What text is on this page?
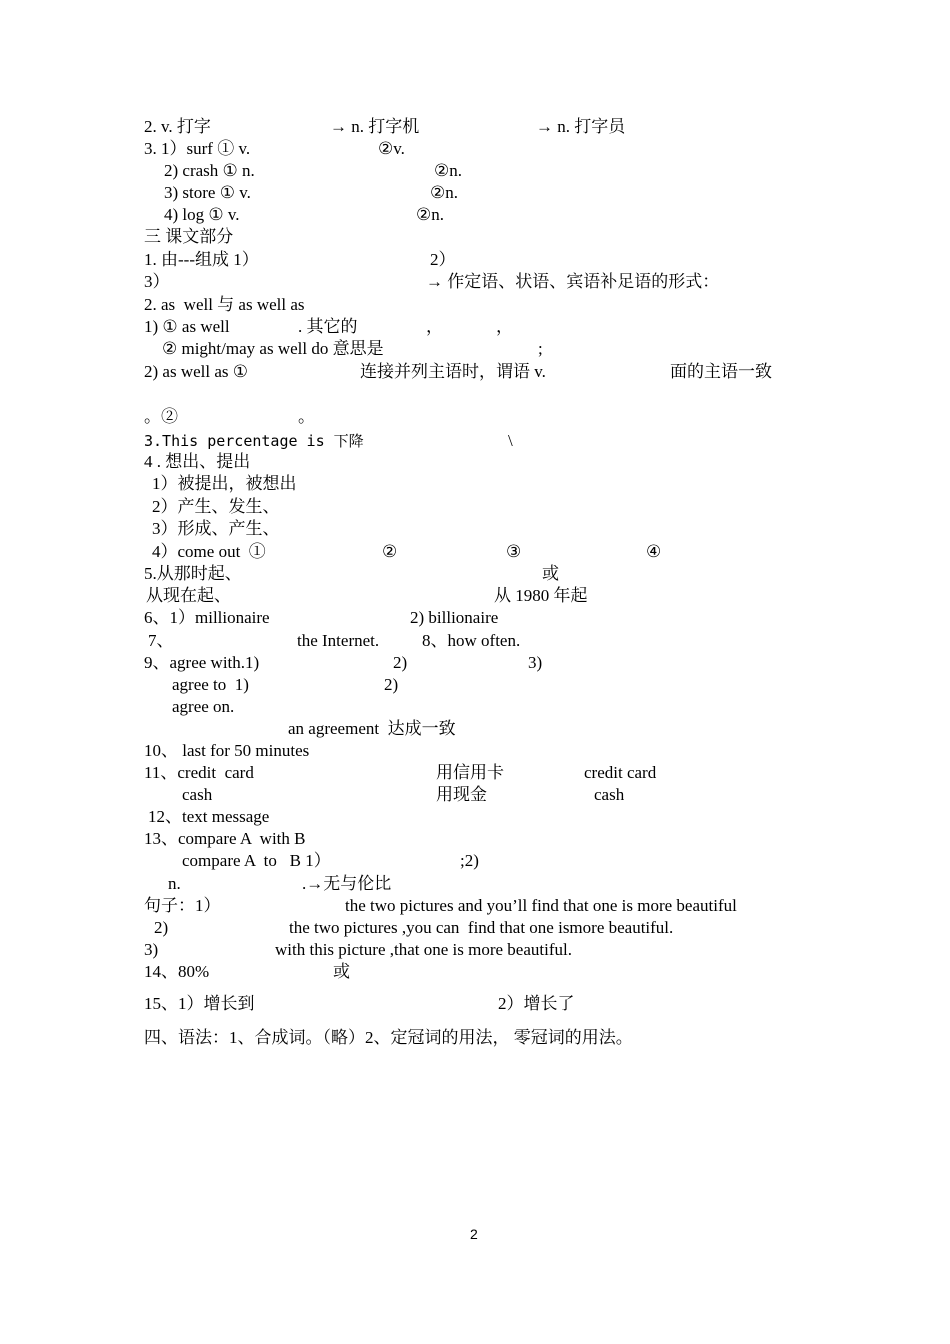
2. v. 打字	→ n. 打字机	→ n. 打字员
3. 1）surf ① v.	②v.
2) crash ① n.	②n.
3) store ① v.	②n.
4) log ① v.	②n.
三 课文部分
1. 由---组成 1）	2）
3）	→ 作定语、状语、宾语补足语的形式：
2. as  well 与 as well as
1) ① as well	. 其它的	，	，
② might/may as well do 意思是	;
2) as well as ①	连接并列主语时，谓语 v.	面的主语一致
。②	。
3.This percentage is 下降	\
4 . 想出、提出
1）被提出，被想出
2）产生、发生、
3）形成、产生、
4）come out  ①	②	③	④
5.从那时起、	或
从现在起、	从 1980 年起
6、1）millionaire	2) billionaire
7、	the Internet.	8、how often.
9、agree with.1)	2)	3)
agree to  1)	2)
agree on.
an agreement  达成一致
10、 last for 50 minutes
11、credit  card	用信用卡	credit card
cash	用现金	cash
12、text message
13、compare A  with B
compare A  to   B 1）	;2)
n.	.→无与伦比
句子：1）	the two pictures and you’ll find that one is more beautiful
2)	the two pictures ,you can  find that one ismore beautiful.
3)	with this picture ,that one is more beautiful.
14、80%	或
15、1）增长到	2）增长了
四、语法：1、合成词。（略）2、定冠词的用法， 零冠词的用法。
2
